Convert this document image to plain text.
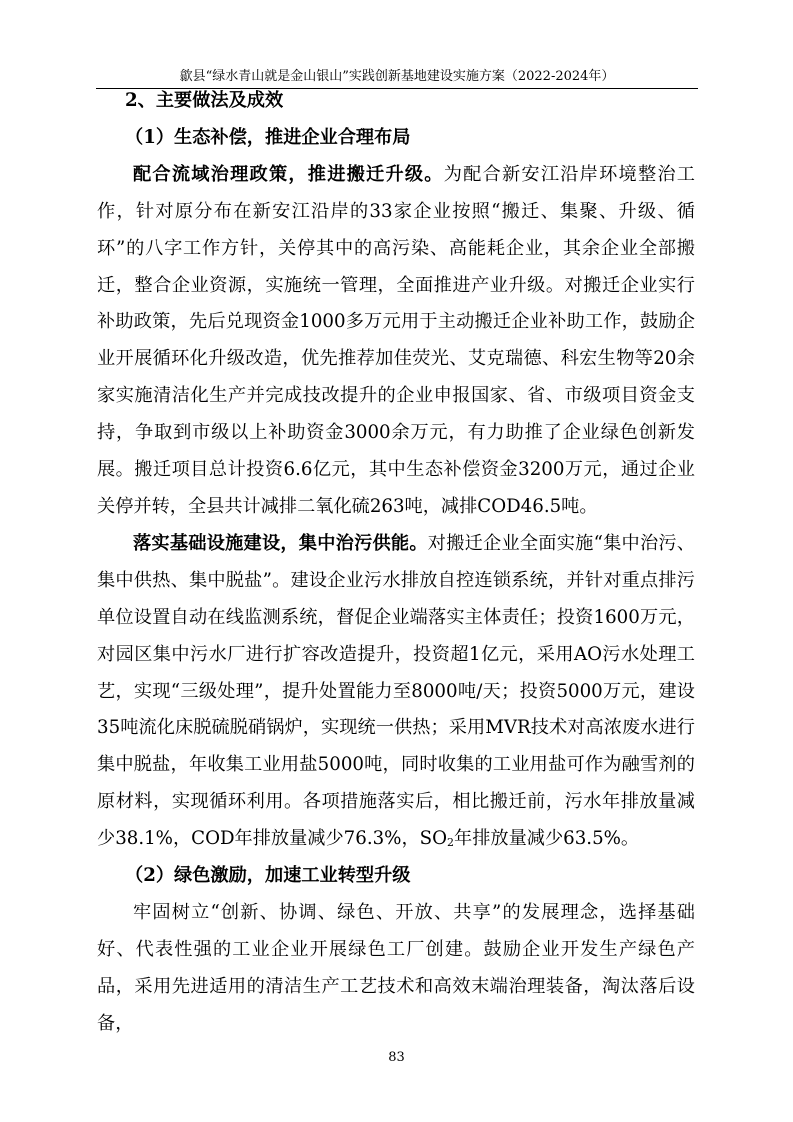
歙县“绿水青山就是金山银山”实践创新基地建设实施方案（2022-2024年）

2、主要做法及成效

（1）生态补偿，推进企业合理布局

配合流域治理政策，推进搬迁升级。为配合新安江沿岸环境整治工作，针对原分布在新安江沿岸的33家企业按照“搬迁、集聚、升级、循环”的八字工作方针，关停其中的高污染、高能耗企业，其余企业全部搬迁，整合企业资源，实施统一管理，全面推进产业升级。对搬迁企业实行补助政策，先后兑现资金1000多万元用于主动搬迁企业补助工作，鼓励企业开展循环化升级改造，优先推荐加佳荧光、艾克瑞德、科宏生物等20余家实施清洁化生产并完成技改提升的企业申报国家、省、市级项目资金支持，争取到市级以上补助资金3000余万元，有力助推了企业绿色创新发展。搬迁项目总计投资6.6亿元，其中生态补偿资金3200万元，通过企业关停并转，全县共计减排二氧化硫263吨，减排COD46.5吨。

落实基础设施建设，集中治污供能。对搬迁企业全面实施“集中治污、集中供热、集中脱盐”。建设企业污水排放自控连锁系统，并针对重点排污单位设置自动在线监测系统，督促企业端落实主体责任；投资1600万元，对园区集中污水厂进行扩容改造提升，投资超1亿元，采用AO污水处理工艺，实现“三级处理”，提升处置能力至8000吨/天；投资5000万元，建设35吨流化床脱硫脱硝锅炉，实现统一供热；采用MVR技术对高浓废水进行集中脱盐，年收集工业用盐5000吨，同时收集的工业用盐可作为融雪剂的原材料，实现循环利用。各项措施落实后，相比搬迁前，污水年排放量减少38.1%，COD年排放量减少76.3%，$SO_2$年排放量减少63.5%。

（2）绿色激励，加速工业转型升级

牢固树立“创新、协调、绿色、开放、共享”的发展理念，选择基础好、代表性强的工业企业开展绿色工厂创建。鼓励企业开发生产绿色产品，采用先进适用的清洁生产工艺技术和高效末端治理装备，淘汰落后设备，

83
